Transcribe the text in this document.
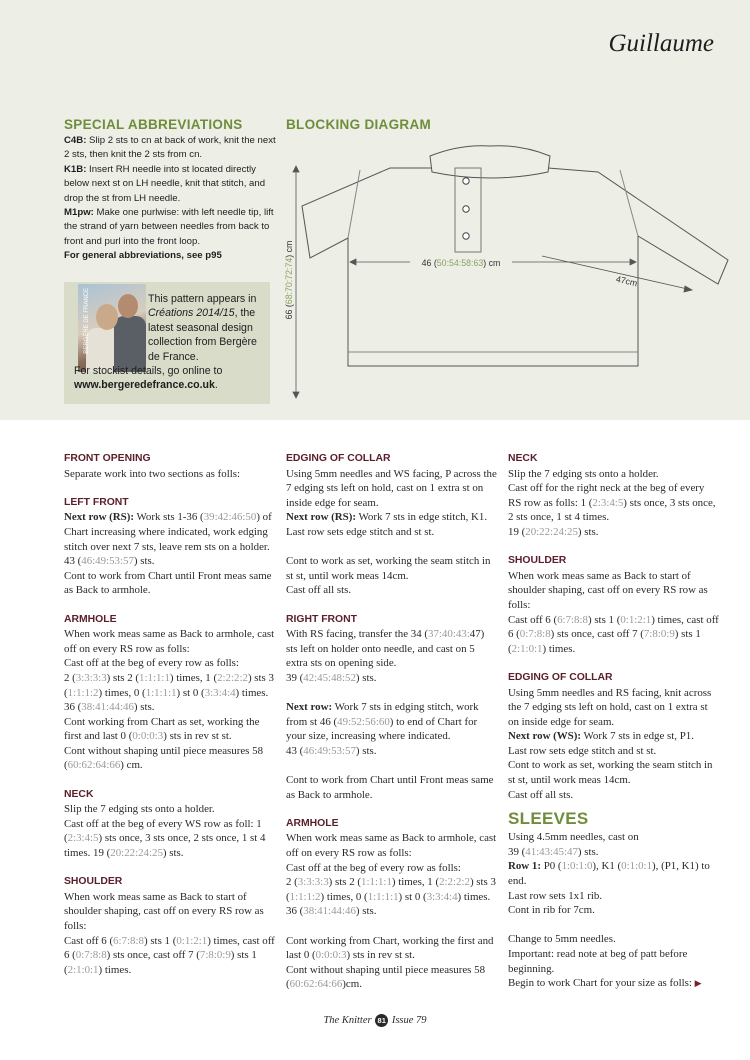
Guillaume
SPECIAL ABBREVIATIONS

C4B: Slip 2 sts to cn at back of work, knit the next 2 sts, then knit the 2 sts from cn.

K1B: Insert RH needle into st located directly below next st on LH needle, knit that stitch, and drop the st from LH needle.

M1pw: Make one purlwise: with left needle tip, lift the strand of yarn between needles from back to front and purl into the front loop.

For general abbreviations, see p95

BERGÈRE DE FRANCE	This pattern appears in Créations 2014/15, the latest seasonal design collection from Bergère de France.
For stockist details, go online to www.bergeredefrance.co.uk.
BLOCKING DIAGRAM
46 (50:54:58:63) cm
66 (68:70:72:74) cm
47cm

FRONT OPENING

Separate work into two sections as folls:

LEFT FRONT

Next row (RS): Work sts 1-36 (39:42:46:50) of Chart increasing where indicated, work edging stitch over next 7 sts, leave rem sts on a holder.

43 (46:49:53:57) sts.

Cont to work from Chart until Front meas same as Back to armhole.

ARMHOLE

When work meas same as Back to armhole, cast off on every RS row as folls:

Cast off at the beg of every row as folls:

2 (3:3:3:3) sts 2 (1:1:1:1) times, 1 (2:2:2:2) sts 3 (1:1:1:2) times, 0 (1:1:1:1) st 0 (3:3:4:4) times.

36 (38:41:44:46) sts.

Cont working from Chart as set, working the first and last 0 (0:0:0:3) sts in rev st st.

Cont without shaping until piece measures 58 (60:62:64:66) cm.

NECK

Slip the 7 edging sts onto a holder.

Cast off at the beg of every WS row as foll: 1 (2:3:4:5) sts once, 3 sts once, 2 sts once, 1 st 4 times. 19 (20:22:24:25) sts.

SHOULDER

When work meas same as Back to start of shoulder shaping, cast off on every RS row as folls:

Cast off 6 (6:7:8:8) sts 1 (0:1:2:1) times, cast off 6 (0:7:8:8) sts once, cast off 7 (7:8:0:9) sts 1 (2:1:0:1) times.

EDGING OF COLLAR

Using 5mm needles and WS facing, P across the 7 edging sts left on hold, cast on 1 extra st on inside edge for seam.

Next row (RS): Work 7 sts in edge stitch, K1.

Last row sets edge stitch and st st.

Cont to work as set, working the seam stitch in st st, until work meas 14cm.

Cast off all sts.

RIGHT FRONT

With RS facing, transfer the 34 (37:40:43:47) sts left on holder onto needle, and cast on 5 extra sts on opening side.

39 (42:45:48:52) sts.

Next row: Work 7 sts in edging stitch, work from st 46 (49:52:56:60) to end of Chart for your size, increasing where indicated.

43 (46:49:53:57) sts.

Cont to work from Chart until Front meas same as Back to armhole.

ARMHOLE

When work meas same as Back to armhole, cast off on every RS row as folls:

Cast off at the beg of every row as folls:

2 (3:3:3:3) sts 2 (1:1:1:1) times, 1 (2:2:2:2) sts 3 (1:1:1:2) times, 0 (1:1:1:1) st 0 (3:3:4:4) times.

36 (38:41:44:46) sts.

Cont working from Chart, working the first and last 0 (0:0:0:3) sts in rev st st.

Cont without shaping until piece measures 58 (60:62:64:66)cm.

NECK

Slip the 7 edging sts onto a holder.

Cast off for the right neck at the beg of every RS row as folls: 1 (2:3:4:5) sts once, 3 sts once, 2 sts once, 1 st 4 times.

19 (20:22:24:25) sts.

SHOULDER

When work meas same as Back to start of shoulder shaping, cast off on every RS row as folls:

Cast off 6 (6:7:8:8) sts 1 (0:1:2:1) times, cast off 6 (0:7:8:8) sts once, cast off 7 (7:8:0:9) sts 1 (2:1:0:1) times.

EDGING OF COLLAR

Using 5mm needles and RS facing, knit across the 7 edging sts left on hold, cast on 1 extra st on inside edge for seam.

Next row (WS): Work 7 sts in edge st, P1.

Last row sets edge stitch and st st.

Cont to work as set, working the seam stitch in st st, until work meas 14cm.

Cast off all sts.

SLEEVES

Using 4.5mm needles, cast on

39 (41:43:45:47) sts.

Row 1: P0 (1:0:1:0), K1 (0:1:0:1), (P1, K1) to end.

Last row sets 1x1 rib.

Cont in rib for 7cm.

Change to 5mm needles.

Important: read note at beg of patt before beginning.

Begin to work Chart for your size as folls: ▶

The Knitter 81 Issue 79
